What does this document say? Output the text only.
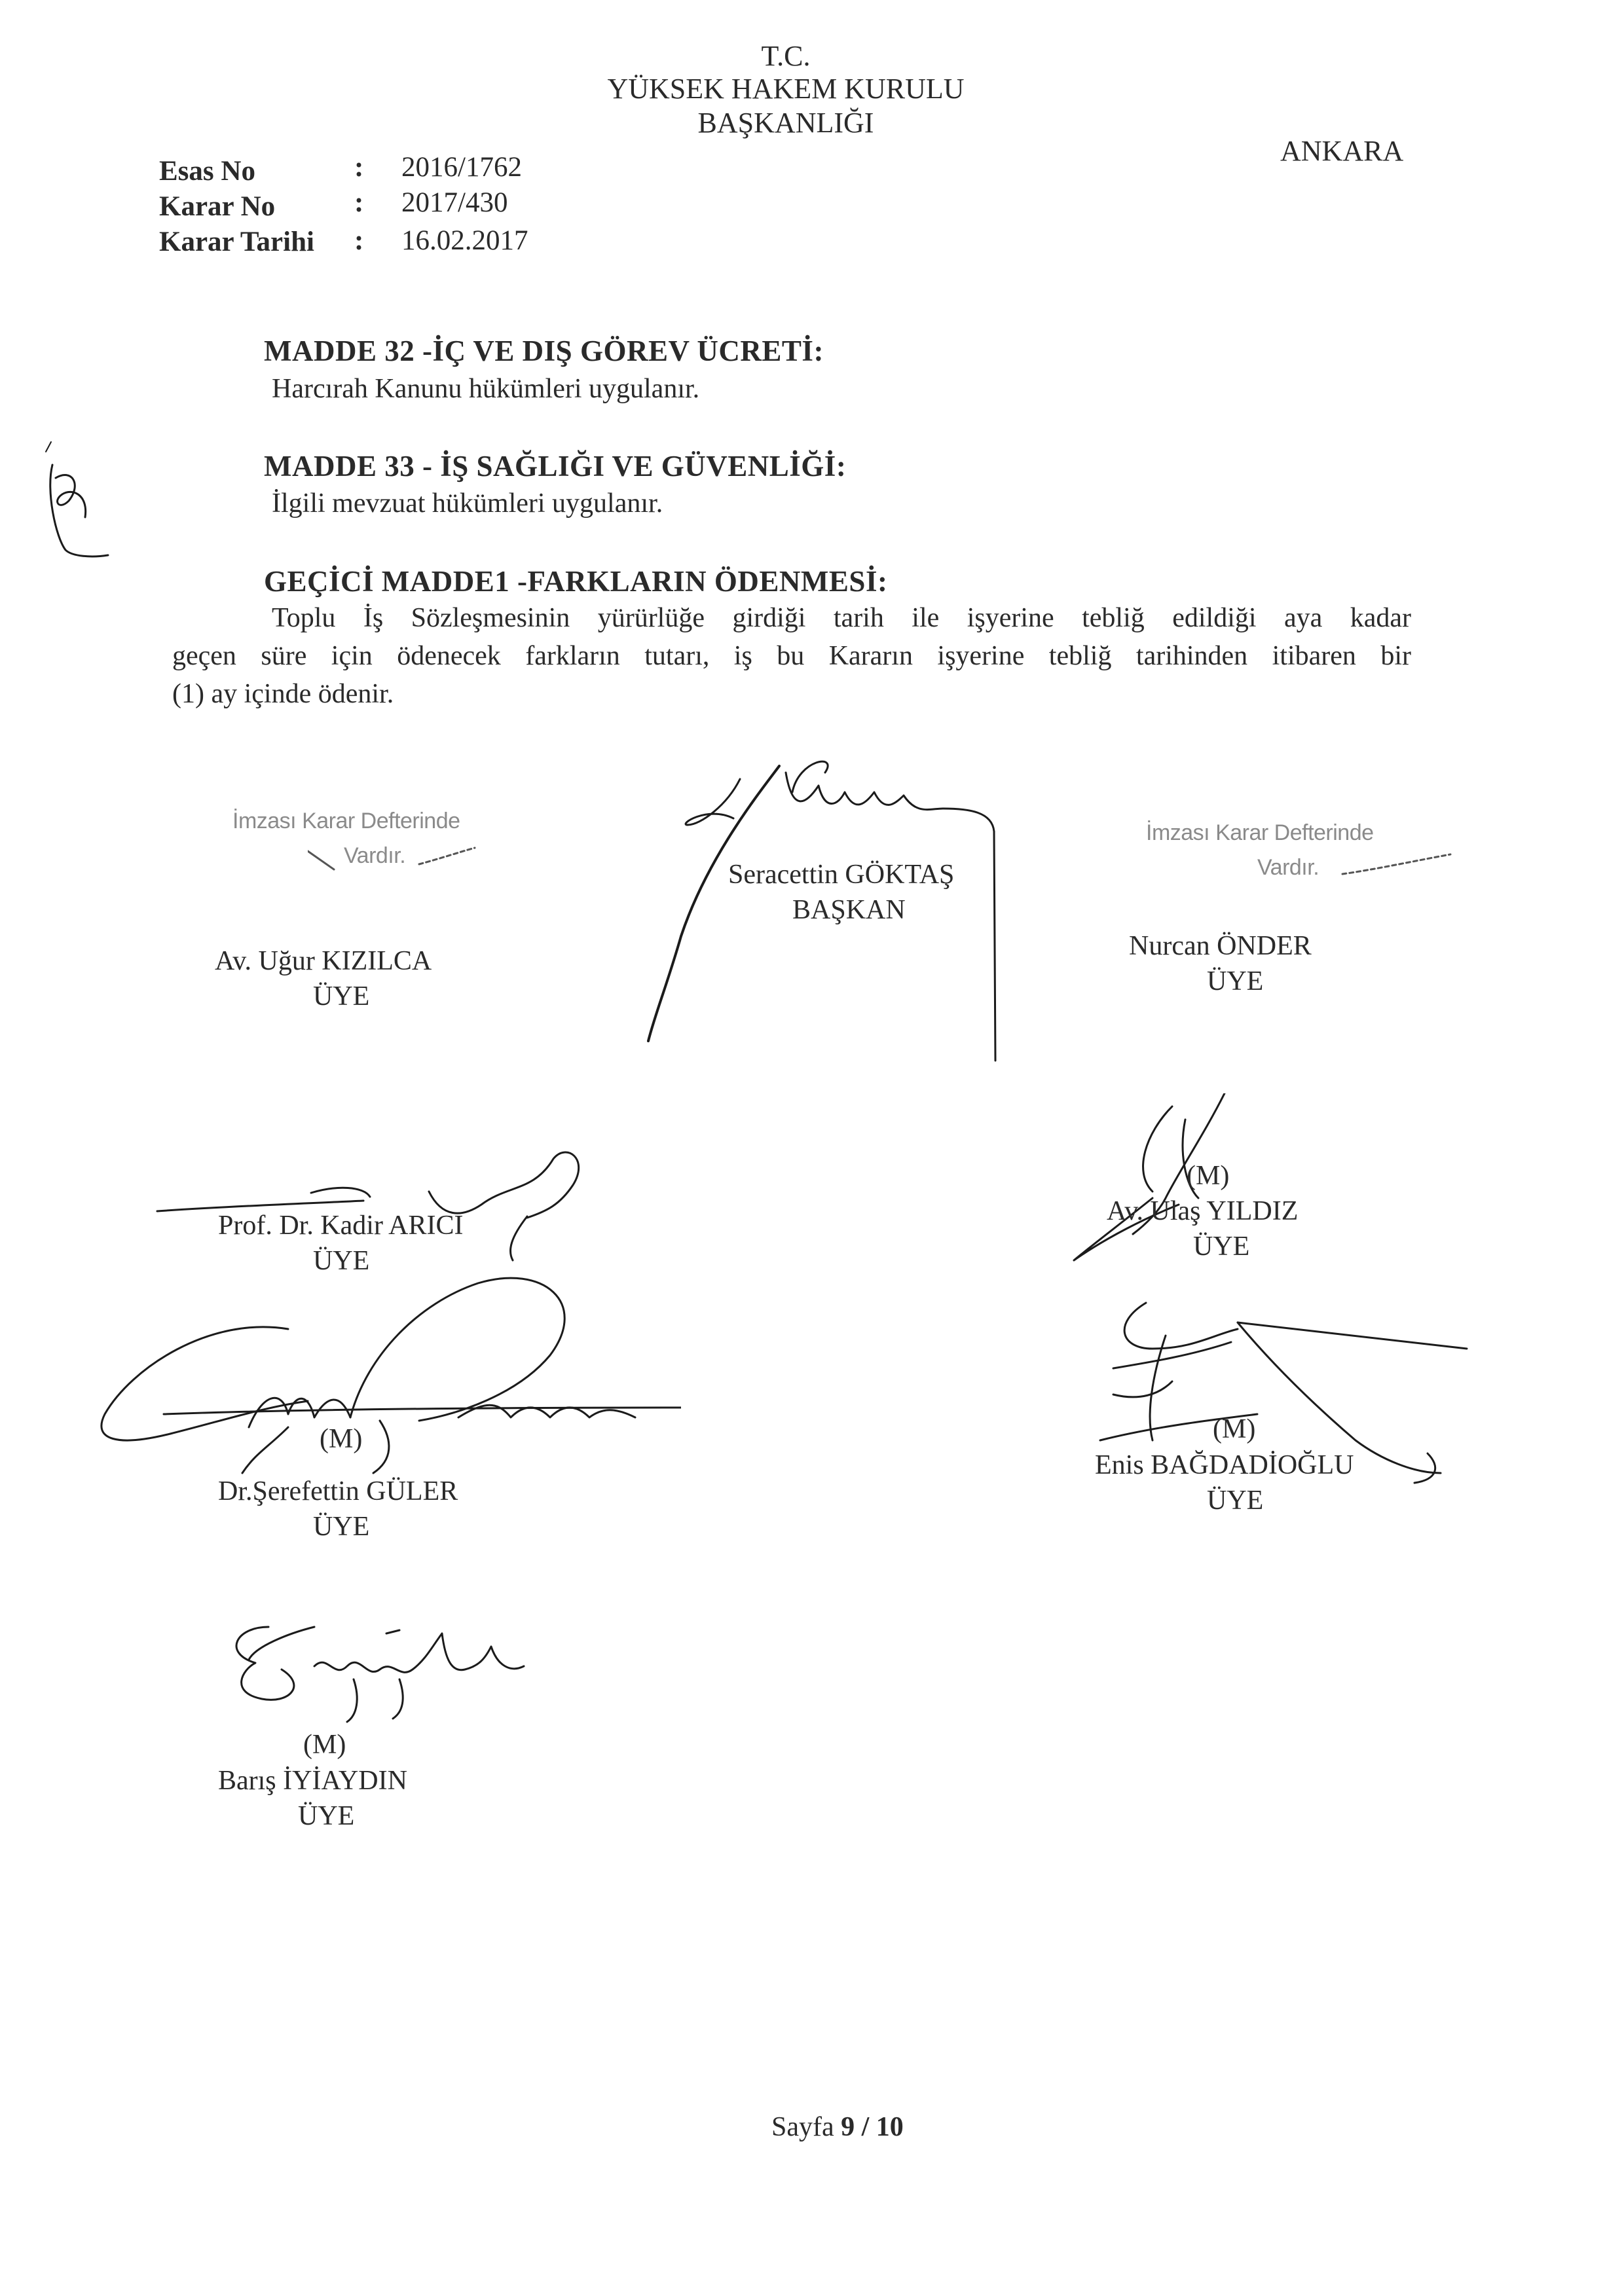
T.C.
YÜKSEK HAKEM KURULU
BAŞKANLIĞI
ANKARA
Esas No	: 2016/1762
Karar No	: 2017/430
Karar Tarihi : 16.02.2017
MADDE 32 -İÇ VE DIŞ GÖREV ÜCRETİ:
Harcırah Kanunu hükümleri uygulanır.
MADDE 33 - İŞ SAĞLIĞI VE GÜVENLİĞİ:
İlgili mevzuat hükümleri uygulanır.
GEÇİCİ MADDE1 -FARKLARIN ÖDENMESİ:
Toplu İş Sözleşmesinin yürürlüğe girdiği tarih ile işyerine tebliğ edildiği aya kadar
geçen süre için ödenecek farkların tutarı, iş bu Kararın işyerine tebliğ tarihinden itibaren bir
(1) ay içinde ödenir.
İmzası Karar Defterinde
Vardır.
Av. Uğur KIZILCA
ÜYE
Seracettin GÖKTAŞ
BAŞKAN
İmzası Karar Defterinde
Vardır.
Nurcan ÖNDER
ÜYE
Prof. Dr. Kadir ARICI
ÜYE
(M)
Av. Ulaş YILDIZ
ÜYE
(M)
Dr.Şerefettin GÜLER
ÜYE
(M)
Enis BAĞDADİOĞLU
ÜYE
(M)
Barış İYİAYDIN
ÜYE
Sayfa 9 / 10
